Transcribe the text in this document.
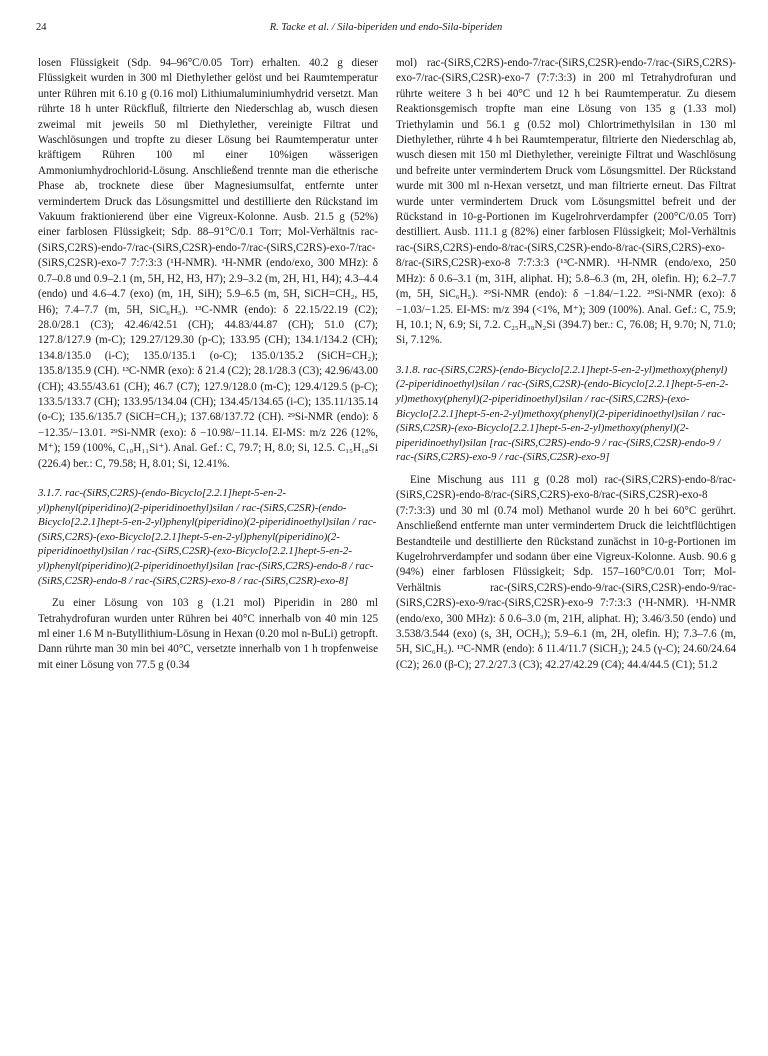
24	R. Tacke et al. / Sila-biperiden und endo-Sila-biperiden

losen Flüssigkeit (Sdp. 94–96°C/0.05 Torr) erhalten. 40.2 g dieser Flüssigkeit wurden in 300 ml Diethylether gelöst und bei Raumtemperatur unter Rühren mit 6.10 g (0.16 mol) Lithiumaluminiumhydrid versetzt. Man rührte 18 h unter Rückfluß, filtrierte den Niederschlag ab, wusch diesen zweimal mit jeweils 50 ml Diethylether, vereinigte Filtrat und Waschlösungen und tropfte zu dieser Lösung bei Raumtemperatur unter kräftigem Rühren 100 ml einer 10%igen wässerigen Ammoniumhydrochlorid-Lösung. Anschließend trennte man die etherische Phase ab, trocknete diese über Magnesiumsulfat, entfernte unter vermindertem Druck das Lösungsmittel und destillierte den Rückstand im Vakuum fraktionierend über eine Vigreux-Kolonne. Ausb. 21.5 g (52%) einer farblosen Flüssigkeit; Sdp. 88–91°C/0.1 Torr; Mol-Verhältnis rac-(SiRS,C2RS)-endo-7/rac-(SiRS,C2SR)-endo-7/rac-(SiRS,C2RS)-exo-7/rac-(SiRS,C2SR)-exo-7 7:7:3:3 (¹H-NMR). ¹H-NMR (endo/exo, 300 MHz): δ 0.7–0.8 und 0.9–2.1 (m, 5H, H2, H3, H7); 2.9–3.2 (m, 2H, H1, H4); 4.3–4.4 (endo) und 4.6–4.7 (exo) (m, 1H, SiH); 5.9–6.5 (m, 5H, SiCH=CH₂, H5, H6); 7.4–7.7 (m, 5H, SiC₆H₅). ¹³C-NMR (endo): δ 22.15/22.19 (C2); 28.0/28.1 (C3); 42.46/42.51 (CH); 44.83/44.87 (CH); 51.0 (C7); 127.8/127.9 (m-C); 129.27/129.30 (p-C); 133.95 (CH); 134.1/134.2 (CH); 134.8/135.0 (i-C); 135.0/135.1 (o-C); 135.0/135.2 (SiCH=CH₂); 135.8/135.9 (CH). ¹³C-NMR (exo): δ 21.4 (C2); 28.1/28.3 (C3); 42.96/43.00 (CH); 43.55/43.61 (CH); 46.7 (C7); 127.9/128.0 (m-C); 129.4/129.5 (p-C); 133.5/133.7 (CH); 133.95/134.04 (CH); 134.45/134.65 (i-C); 135.11/135.14 (o-C); 135.6/135.7 (SiCH=CH₂); 137.68/137.72 (CH). ²⁹Si-NMR (endo): δ −12.35/−13.01. ²⁹Si-NMR (exo): δ −10.98/−11.14. EI-MS: m/z 226 (12%, M⁺); 159 (100%, C₁₀H₁₁Si⁺). Anal. Gef.: C, 79.7; H, 8.0; Si, 12.5. C₁₅H₁₈Si (226.4) ber.: C, 79.58; H, 8.01; Si, 12.41%.

3.1.7. rac-(SiRS,C2RS)-(endo-Bicyclo[2.2.1]hept-5-en-2-yl)phenyl(piperidino)(2-piperidinoethyl)silan / rac-(SiRS,C2SR)-(endo-Bicyclo[2.2.1]hept-5-en-2-yl)phenyl(piperidino)(2-piperidinoethyl)silan / rac-(SiRS,C2RS)-(exo-Bicyclo[2.2.1]hept-5-en-2-yl)phenyl(piperidino)(2-piperidinoethyl)silan / rac-(SiRS,C2SR)-(exo-Bicyclo[2.2.1]hept-5-en-2-yl)phenyl(piperidino)(2-piperidinoethyl)silan [rac-(SiRS,C2RS)-endo-8 / rac-(SiRS,C2SR)-endo-8 / rac-(SiRS,C2RS)-exo-8 / rac-(SiRS,C2SR)-exo-8]

Zu einer Lösung von 103 g (1.21 mol) Piperidin in 280 ml Tetrahydrofuran wurden unter Rühren bei 40°C innerhalb von 40 min 125 ml einer 1.6 M n-Butyllithium-Lösung in Hexan (0.20 mol n-BuLi) getropft. Dann rührte man 30 min bei 40°C, versetzte innerhalb von 1 h tropfenweise mit einer Lösung von 77.5 g (0.34

mol) rac-(SiRS,C2RS)-endo-7/rac-(SiRS,C2SR)-endo-7/rac-(SiRS,C2RS)-exo-7/rac-(SiRS,C2SR)-exo-7 (7:7:3:3) in 200 ml Tetrahydrofuran und rührte weitere 3 h bei 40°C und 12 h bei Raumtemperatur. Zu diesem Reaktionsgemisch tropfte man eine Lösung von 135 g (1.33 mol) Triethylamin und 56.1 g (0.52 mol) Chlortrimethylsilan in 130 ml Diethylether, rührte 4 h bei Raumtemperatur, filtrierte den Niederschlag ab, wusch diesen mit 150 ml Diethylether, vereinigte Filtrat und Waschlösung und befreite unter vermindertem Druck vom Lösungsmittel. Der Rückstand wurde mit 300 ml n-Hexan versetzt, und man filtrierte erneut. Das Filtrat wurde unter vermindertem Druck vom Lösungsmittel befreit und der Rückstand in 10-g-Portionen im Kugelrohrverdampfer (200°C/0.05 Torr) destilliert. Ausb. 111.1 g (82%) einer farblosen Flüssigkeit; Mol-Verhältnis rac-(SiRS,C2RS)-endo-8/rac-(SiRS,C2SR)-endo-8/rac-(SiRS,C2RS)-exo-8/rac-(SiRS,C2SR)-exo-8 7:7:3:3 (¹³C-NMR). ¹H-NMR (endo/exo, 250 MHz): δ 0.6–3.1 (m, 31H, aliphat. H); 5.8–6.3 (m, 2H, olefin. H); 6.2–7.7 (m, 5H, SiC₆H₅). ²⁹Si-NMR (endo): δ −1.84/−1.22. ²⁹Si-NMR (exo): δ −1.03/−1.25. EI-MS: m/z 394 (<1%, M⁺); 309 (100%). Anal. Gef.: C, 75.9; H, 10.1; N, 6.9; Si, 7.2. C₂₅H₃₈N₂Si (394.7) ber.: C, 76.08; H, 9.70; N, 71.0; Si, 7.12%.

3.1.8. rac-(SiRS,C2RS)-(endo-Bicyclo[2.2.1]hept-5-en-2-yl)methoxy(phenyl)(2-piperidinoethyl)silan / rac-(SiRS,C2SR)-(endo-Bicyclo[2.2.1]hept-5-en-2-yl)methoxy(phenyl)(2-piperidinoethyl)silan / rac-(SiRS,C2RS)-(exo-Bicyclo[2.2.1]hept-5-en-2-yl)methoxy(phenyl)(2-piperidinoethyl)silan / rac-(SiRS,C2SR)-(exo-Bicyclo[2.2.1]hept-5-en-2-yl)methoxy(phenyl)(2-piperidinoethyl)silan [rac-(SiRS,C2RS)-endo-9 / rac-(SiRS,C2SR)-endo-9 / rac-(SiRS,C2RS)-exo-9 / rac-(SiRS,C2SR)-exo-9]

Eine Mischung aus 111 g (0.28 mol) rac-(SiRS,C2RS)-endo-8/rac-(SiRS,C2SR)-endo-8/rac-(SiRS,C2RS)-exo-8/rac-(SiRS,C2SR)-exo-8 (7:7:3:3) und 30 ml (0.74 mol) Methanol wurde 20 h bei 60°C gerührt. Anschließend entfernte man unter vermindertem Druck die leichtflüchtigen Bestandteile und destillierte den Rückstand zunächst in 10-g-Portionen im Kugelrohrverdampfer und sodann über eine Vigreux-Kolonne. Ausb. 90.6 g (94%) einer farblosen Flüssigkeit; Sdp. 157–160°C/0.01 Torr; Mol-Verhältnis rac-(SiRS,C2RS)-endo-9/rac-(SiRS,C2SR)-endo-9/rac-(SiRS,C2RS)-exo-9/rac-(SiRS,C2SR)-exo-9 7:7:3:3 (¹H-NMR). ¹H-NMR (endo/exo, 300 MHz): δ 0.6–3.0 (m, 21H, aliphat. H); 3.46/3.50 (endo) und 3.538/3.544 (exo) (s, 3H, OCH₃); 5.9–6.1 (m, 2H, olefin. H); 7.3–7.6 (m, 5H, SiC₆H₅). ¹³C-NMR (endo): δ 11.4/11.7 (SiCH₂); 24.5 (γ-C); 24.60/24.64 (C2); 26.0 (β-C); 27.2/27.3 (C3); 42.27/42.29 (C4); 44.4/44.5 (C1); 51.2
